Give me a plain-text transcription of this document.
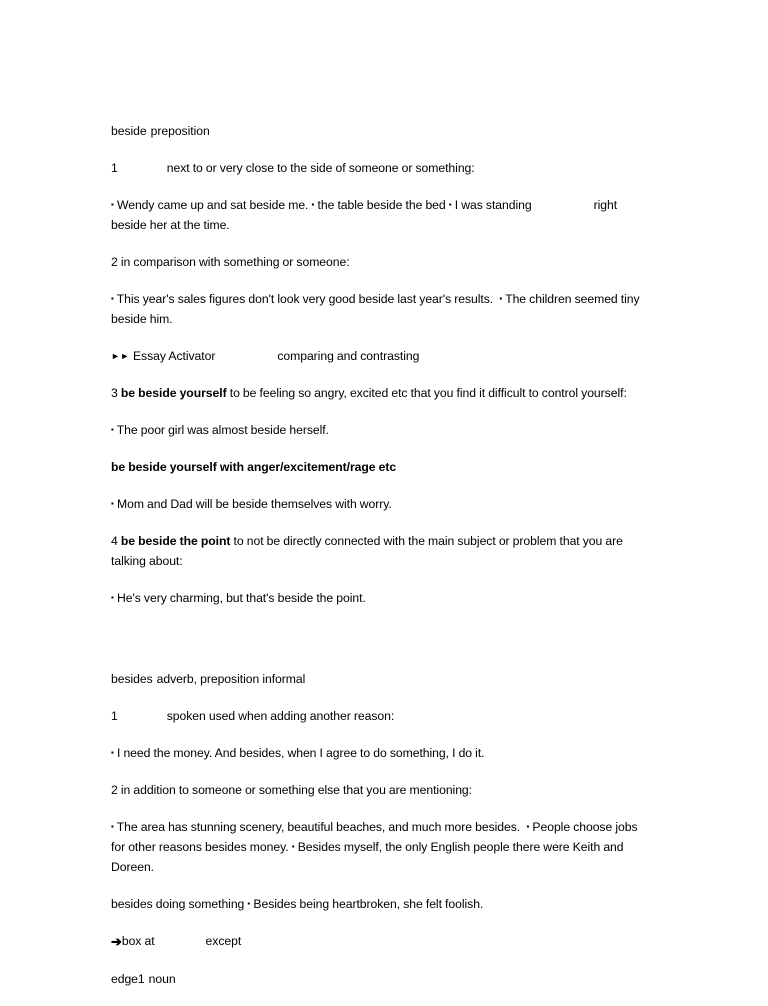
beside preposition

1	next to or very close to the side of someone or something:

▪ Wendy came up and sat beside me. ▪ the table beside the bed ▪ I was standing	right beside her at the time.

2 in comparison with something or someone:

▪ This year's sales figures don't look very good beside last year's results. ▪ The children seemed tiny beside him.

►► Essay Activator	comparing and contrasting

3 be beside yourself to be feeling so angry, excited etc that you find it difficult to control yourself:

▪ The poor girl was almost beside herself.

be beside yourself with anger/excitement/rage etc

▪ Mom and Dad will be beside themselves with worry.

4 be beside the point to not be directly connected with the main subject or problem that you are talking about:

▪ He's very charming, but that's beside the point.

besides adverb, preposition informal

1	spoken used when adding another reason:

▪ I need the money. And besides, when I agree to do something, I do it.

2 in addition to someone or something else that you are mentioning:

▪ The area has stunning scenery, beautiful beaches, and much more besides. ▪ People choose jobs for other reasons besides money. ▪ Besides myself, the only English people there were Keith and Doreen.

besides doing something ▪ Besides being heartbroken, she felt foolish.

➔box at	except

edge1 noun
